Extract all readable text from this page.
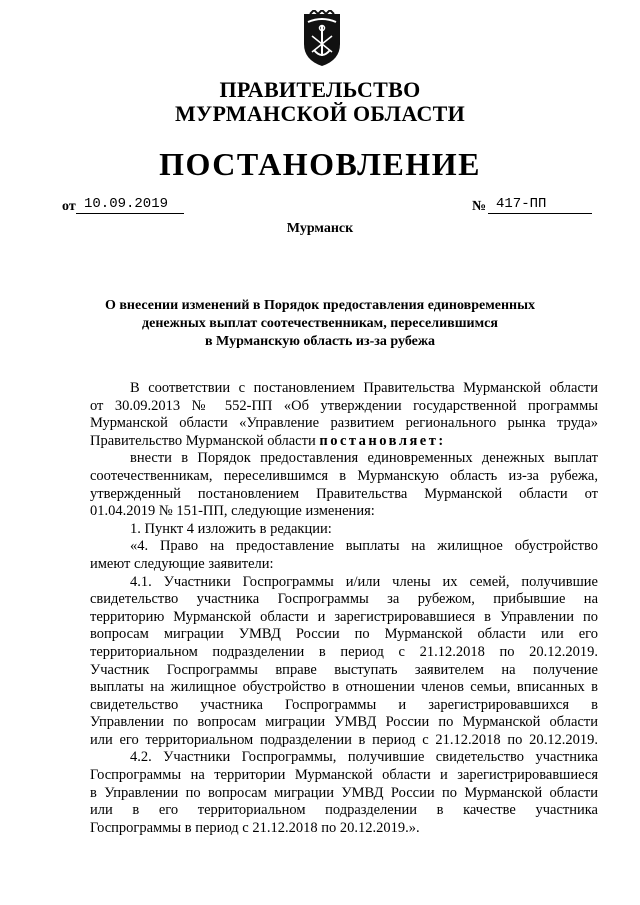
ПРАВИТЕЛЬСТВО
МУРМАНСКОЙ ОБЛАСТИ
ПОСТАНОВЛЕНИЕ
от 10.09.2019	№ 417-ПП
Мурманск
О внесении изменений в Порядок предоставления единовременных
денежных выплат соотечественникам, переселившимся
в Мурманскую область из-за рубежа
В соответствии с постановлением Правительства Мурманской области
от 30.09.2013 № 552-ПП «Об утверждении государственной программы
Мурманской области «Управление развитием регионального рынка труда»
Правительство Мурманской области постановляет:
внести в Порядок предоставления единовременных денежных выплат
соотечественникам, переселившимся в Мурманскую область из-за рубежа,
утвержденный постановлением Правительства Мурманской области от
01.04.2019 № 151-ПП, следующие изменения:
1. Пункт 4 изложить в редакции:
«4. Право на предоставление выплаты на жилищное обустройство
имеют следующие заявители:
4.1. Участники Госпрограммы и/или члены их семей, получившие
свидетельство участника Госпрограммы за рубежом, прибывшие на
территорию Мурманской области и зарегистрировавшиеся в Управлении по
вопросам миграции УМВД России по Мурманской области или его
территориальном подразделении в период с 21.12.2018 по 20.12.2019.
Участник Госпрограммы вправе выступать заявителем на получение
выплаты на жилищное обустройство в отношении членов семьи, вписанных в
свидетельство участника Госпрограммы и зарегистрировавшихся в
Управлении по вопросам миграции УМВД России по Мурманской области
или его территориальном подразделении в период с 21.12.2018 по 20.12.2019.
4.2. Участники Госпрограммы, получившие свидетельство участника
Госпрограммы на территории Мурманской области и зарегистрировавшиеся
в Управлении по вопросам миграции УМВД России по Мурманской области
или в его территориальном подразделении в качестве участника
Госпрограммы в период с 21.12.2018 по 20.12.2019.».
